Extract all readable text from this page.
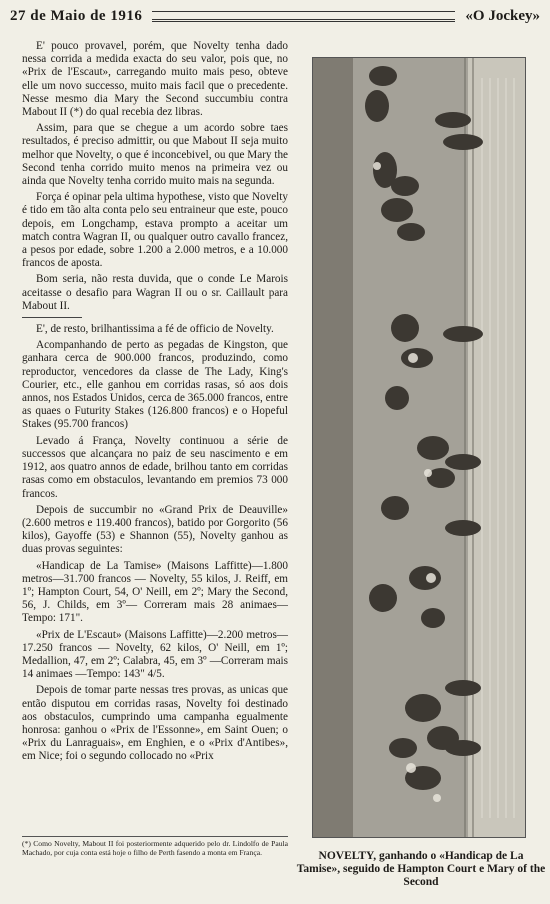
27 de Maio de 1916	«O Jockey»

E' pouco provavel, porém, que Novelty tenha dado nessa corrida a medida exacta do seu valor, pois que, no «Prix de l'Escaut», carregando muito mais peso, obteve elle um novo successo, muito mais facil que o precedente. Nesse mesmo dia Mary the Second succumbiu contra Mabout II (*) do qual recebia dez libras.

Assim, para que se chegue a um acordo sobre taes resultados, é preciso admittir, ou que Mabout II seja muito melhor que Novelty, o que é inconcebivel, ou que Mary the Second tenha corrido muito menos na primeira vez ou ainda que Novelty tenha corrido muito mais na segunda.

Força é opinar pela ultima hypothese, visto que Novelty é tido em tão alta conta pelo seu entraineur que este, pouco depois, em Longchamp, estava prompto a aceitar um match contra Wagran II, ou qualquer outro cavallo francez, a pesos por edade, sobre 1.200 a 2.000 metros, e a 10.000 francos de aposta.

Bom seria, não resta duvida, que o conde Le Marois aceitasse o desafio para Wagran II ou o sr. Caillault para Mabout II.

E', de resto, brilhantissima a fé de officio de Novelty.

Acompanhando de perto as pegadas de Kingston, que ganhara cerca de 900.000 francos, produzindo, como reproductor, vencedores da classe de The Lady, King's Courier, etc., elle ganhou em corridas rasas, só aos dois annos, nos Estados Unidos, cerca de 365.000 francos, entre as quaes o Futurity Stakes (126.800 francos) e o Hopeful Stakes (95.700 francos)

Levado á França, Novelty continuou a série de successos que alcançara no paiz de seu nascimento e em 1912, aos quatro annos de edade, brilhou tanto em corridas rasas como em obstaculos, levantando em premios 73 000 francos.

Depois de succumbir no «Grand Prix de Deauville» (2.600 metros e 119.400 francos), batido por Gorgorito (56 kilos), Gayoffe (53) e Shannon (55), Novelty ganhou as duas provas seguintes:

«Handicap de La Tamise» (Maisons Laffitte)—1.800 metros—31.700 francos — Novelty, 55 kilos, J. Reiff, em 1º; Hampton Court, 54, O' Neill, em 2º; Mary the Second, 56, J. Childs, em 3º— Correram mais 28 animaes—Tempo: 171".

«Prix de L'Escaut» (Maisons Laffitte)—2.200 metros—17.250 francos — Novelty, 62 kilos, O' Neill, em 1º; Medallion, 47, em 2º; Calabra, 45, em 3º —Correram mais 14 animaes —Tempo: 143" 4/5.

Depois de tomar parte nessas tres provas, as unicas que então disputou em corridas rasas, Novelty foi destinado aos obstaculos, cumprindo uma campanha egualmente honrosa: ganhou o «Prix de l'Essonne», em Saint Ouen; o «Prix du Lanraguais», em Enghien, e o «Prix d'Antibes», em Nice; foi o segundo collocado no «Prix

(*) Como Novelty, Mabout II foi posteriormente adquerido pelo dr. Lindolfo de Paula Machado, por cuja conta está hoje o filho de Perth fasendo a monta em França.	NOVELTY, ganhando o «Handicap de La Tamise», seguido de Hampton Court e Mary of the Second
